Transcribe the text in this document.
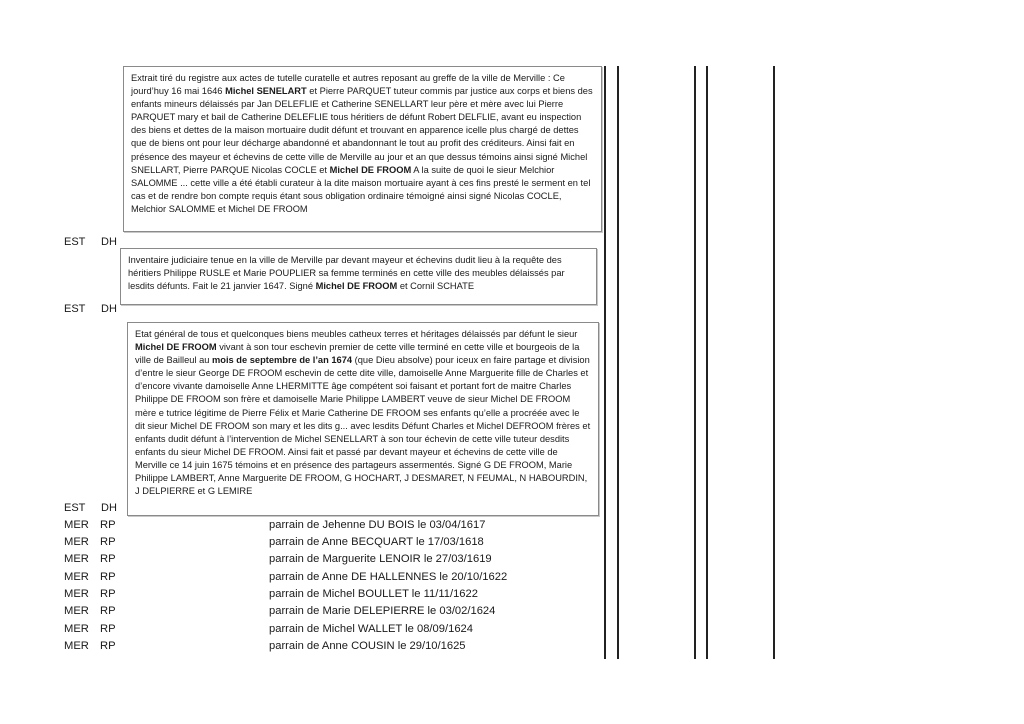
Extrait tiré du registre aux actes de tutelle curatelle et autres reposant au greffe de la ville de Merville : Ce jourd’huy 16 mai 1646 Michel SENELART et Pierre PARQUET tuteur commis par justice aux corps et biens des enfants mineurs délaissés par Jan DELEFLIE et Catherine SENELLART leur père et mère avec lui Pierre PARQUET mary et bail de Catherine DELEFLIE tous héritiers de défunt Robert DELFLIE, avant eu inspection des biens et dettes de la maison mortuaire dudit défunt et trouvant en apparence icelle plus chargé de dettes que de biens ont pour leur décharge abandonné et abandonnant le tout au profit des créditeurs. Ainsi fait en présence des mayeur et échevins de cette ville de Merville au jour et an que dessus témoins ainsi signé Michel SNELLART, Pierre PARQUE Nicolas COCLE et Michel DE FROOM A la suite de quoi le sieur Melchior SALOMME ... cette ville a été établi curateur à la dite maison mortuaire ayant à ces fins presté le serment en tel cas et de rendre bon compte requis étant sous obligation ordinaire témoigné ainsi signé Nicolas COCLE, Melchior SALOMME et Michel DE FROOM

EST DH

Inventaire judiciaire tenue en la ville de Merville par devant mayeur et échevins dudit lieu à la requête des héritiers Philippe RUSLE et Marie POUPLIER sa femme terminés en cette ville des meubles délaissés par lesdits défunts. Fait le 21 janvier 1647. Signé Michel DE FROOM et Cornil SCHATE

EST DH

Etat général de tous et quelconques biens meubles catheux terres et héritages délaissés par défunt le sieur Michel DE FROOM vivant à son tour eschevin premier de cette ville terminé en cette ville et bourgeois de la ville de Bailleul au mois de septembre de l’an 1674 (que Dieu absolve) pour iceux en faire partage et division d’entre le sieur George DE FROOM eschevin de cette dite ville, damoiselle Anne Marguerite fille de Charles et d’encore vivante damoiselle Anne LHERMITTE âge compétent soi faisant et portant fort de maitre Charles Philippe DE FROOM son frère et damoiselle Marie Philippe LAMBERT veuve de sieur Michel DE FROOM mère e tutrice légitime de Pierre Félix et Marie Catherine DE FROOM ses enfants qu’elle a procréée avec le dit sieur Michel DE FROOM son mary et les dits g... avec lesdits Défunt Charles et Michel DEFROOM frères et enfants dudit défunt à l’intervention de Michel SENELLART à son tour échevin de cette ville tuteur desdits enfants du sieur Michel DE FROOM. Ainsi fait et passé par devant mayeur et échevins de cette ville de Merville ce 14 juin 1675 témoins et en présence des partageurs assermentés. Signé G DE FROOM, Marie Philippe LAMBERT, Anne Marguerite DE FROOM, G HOCHART, J DESMARET, N FEUMAL, N HABOURDIN, J DELPIERRE et G LEMIRE

EST DH
MER RP	parrain de Jehenne DU BOIS le 03/04/1617
MER RP	parrain de Anne BECQUART le 17/03/1618
MER RP	parrain de Marguerite LENOIR le 27/03/1619
MER RP	parrain de Anne DE HALLENNES le 20/10/1622
MER RP	parrain de Michel BOULLET le 11/11/1622
MER RP	parrain de Marie DELEPIERRE le 03/02/1624
MER RP	parrain de Michel WALLET le 08/09/1624
MER RP	parrain de Anne COUSIN le 29/10/1625
